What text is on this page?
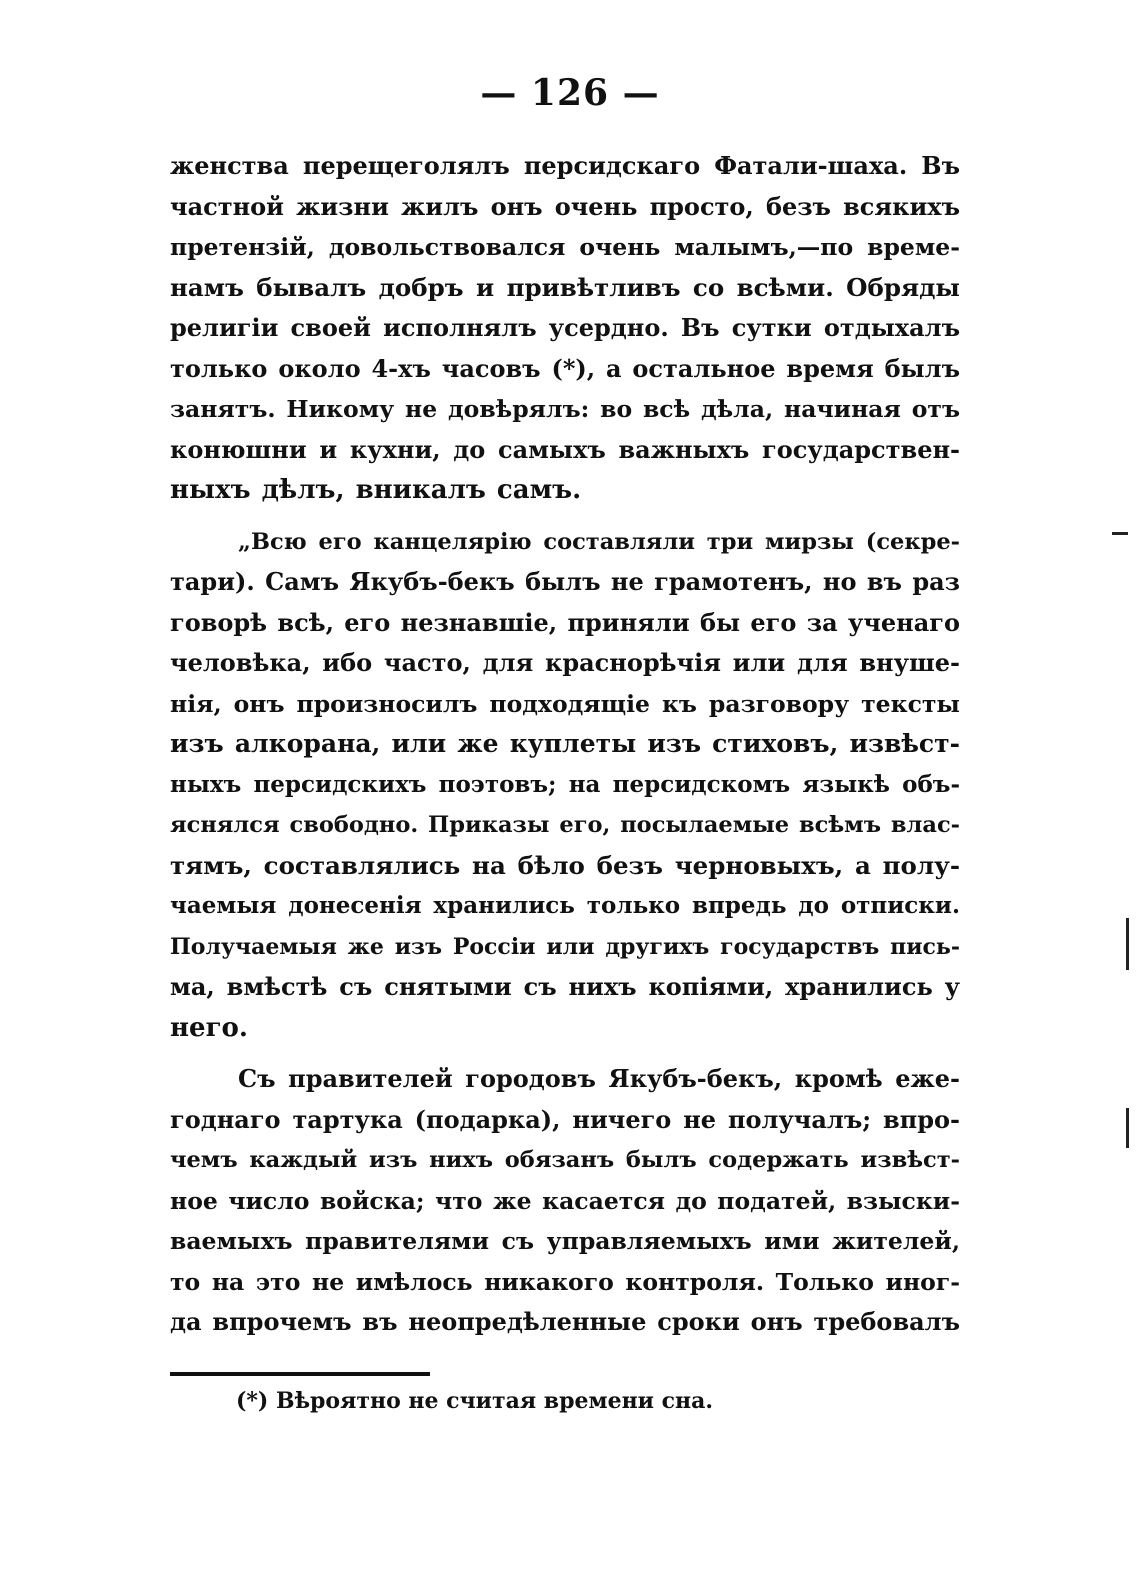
— 126 —
женства перещеголялъ персидскаго Фатали-шаха. Въ
частной жизни жилъ онъ очень просто, безъ всякихъ
претензій, довольствовался очень малымъ,—по време-
намъ бывалъ добръ и привѣтливъ со всѣми. Обряды
религіи своей исполнялъ усердно. Въ сутки отдыхалъ
только около 4-хъ часовъ (*), а остальное время былъ
занятъ. Никому не довѣрялъ: во всѣ дѣла, начиная отъ
конюшни и кухни, до самыхъ важныхъ государствен-
ныхъ дѣлъ, вникалъ самъ.
„Всю его канцелярію составляли три мирзы (секре-
тари). Самъ Якубъ-бекъ былъ не грамотенъ, но въ раз
говорѣ всѣ, его незнавшіе, приняли бы его за ученаго
человѣка, ибо часто, для краснорѣчія или для внуше-
нія, онъ произносилъ подходящіе къ разговору тексты
изъ алкорана, или же куплеты изъ стиховъ, извѣст-
ныхъ персидскихъ поэтовъ; на персидскомъ языкѣ объ-
яснялся свободно. Приказы его, посылаемые всѣмъ влас-
тямъ, составлялись на бѣло безъ черновыхъ, а полу-
чаемыя донесенія хранились только впредь до отписки.
Получаемыя же изъ Россіи или другихъ государствъ пись-
ма, вмѣстѣ съ снятыми съ нихъ копіями, хранились у
него.
Съ правителей городовъ Якубъ-бекъ, кромѣ еже-
годнаго тартука (подарка), ничего не получалъ; впро-
чемъ каждый изъ нихъ обязанъ былъ содержать извѣст-
ное число войска; что же касается до податей, взыски-
ваемыхъ правителями съ управляемыхъ ими жителей,
то на это не имѣлось никакого контроля. Только иног-
да впрочемъ въ неопредѣленные сроки онъ требовалъ
(*) Вѣроятно не считая времени сна.
